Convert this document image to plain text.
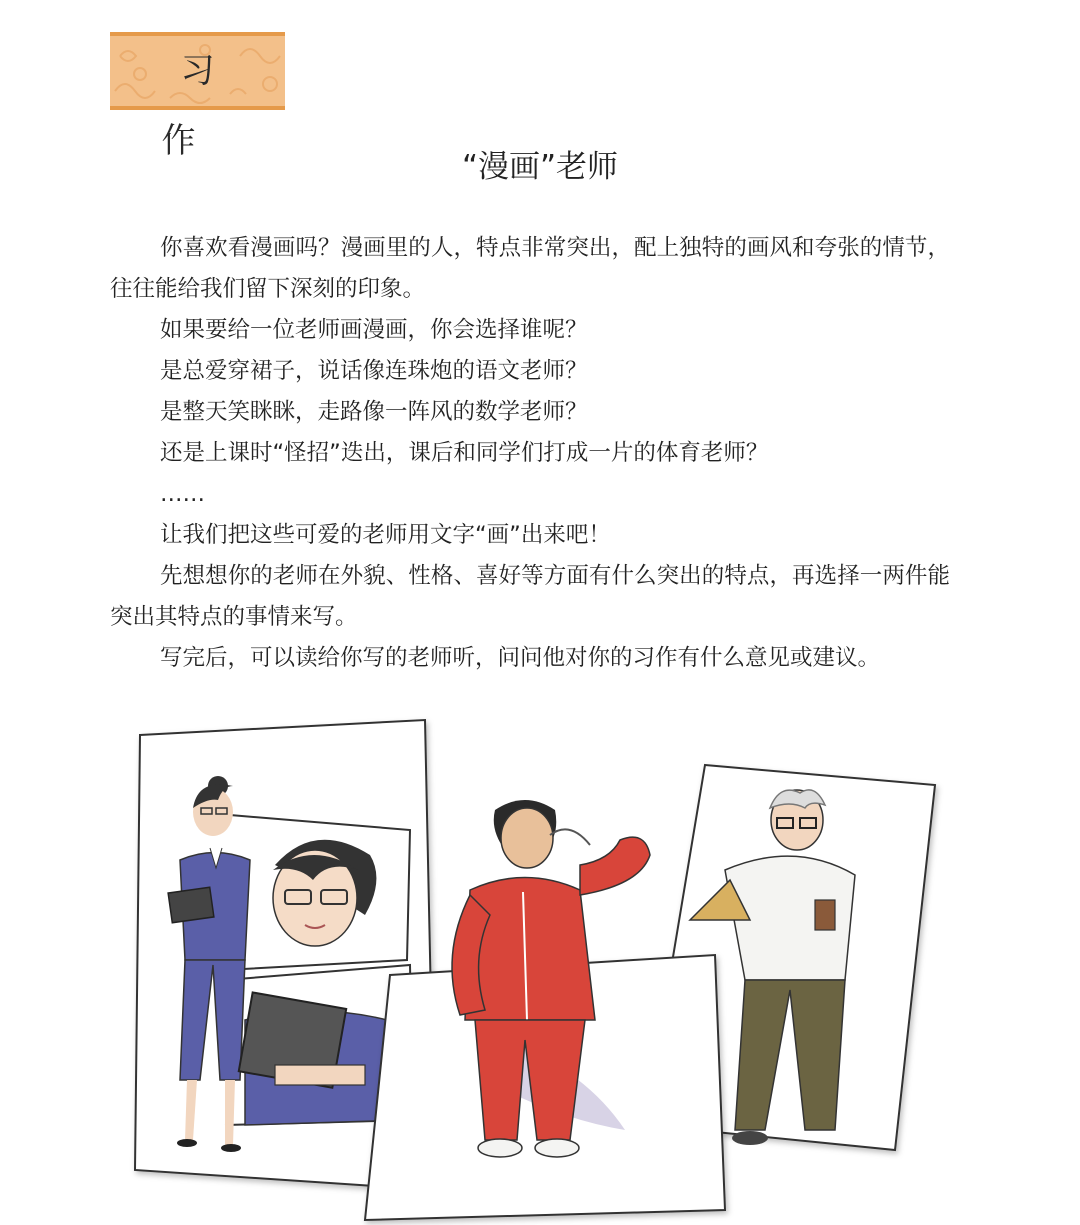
习作
“漫画”老师

你喜欢看漫画吗？漫画里的人，特点非常突出，配上独特的画风和夸张的情节，往往能给我们留下深刻的印象。

如果要给一位老师画漫画，你会选择谁呢？

是总爱穿裙子，说话像连珠炮的语文老师？

是整天笑眯眯，走路像一阵风的数学老师？

还是上课时“怪招”迭出，课后和同学们打成一片的体育老师？

……

让我们把这些可爱的老师用文字“画”出来吧！

先想想你的老师在外貌、性格、喜好等方面有什么突出的特点，再选择一两件能突出其特点的事情来写。

写完后，可以读给你写的老师听，问问他对你的习作有什么意见或建议。
